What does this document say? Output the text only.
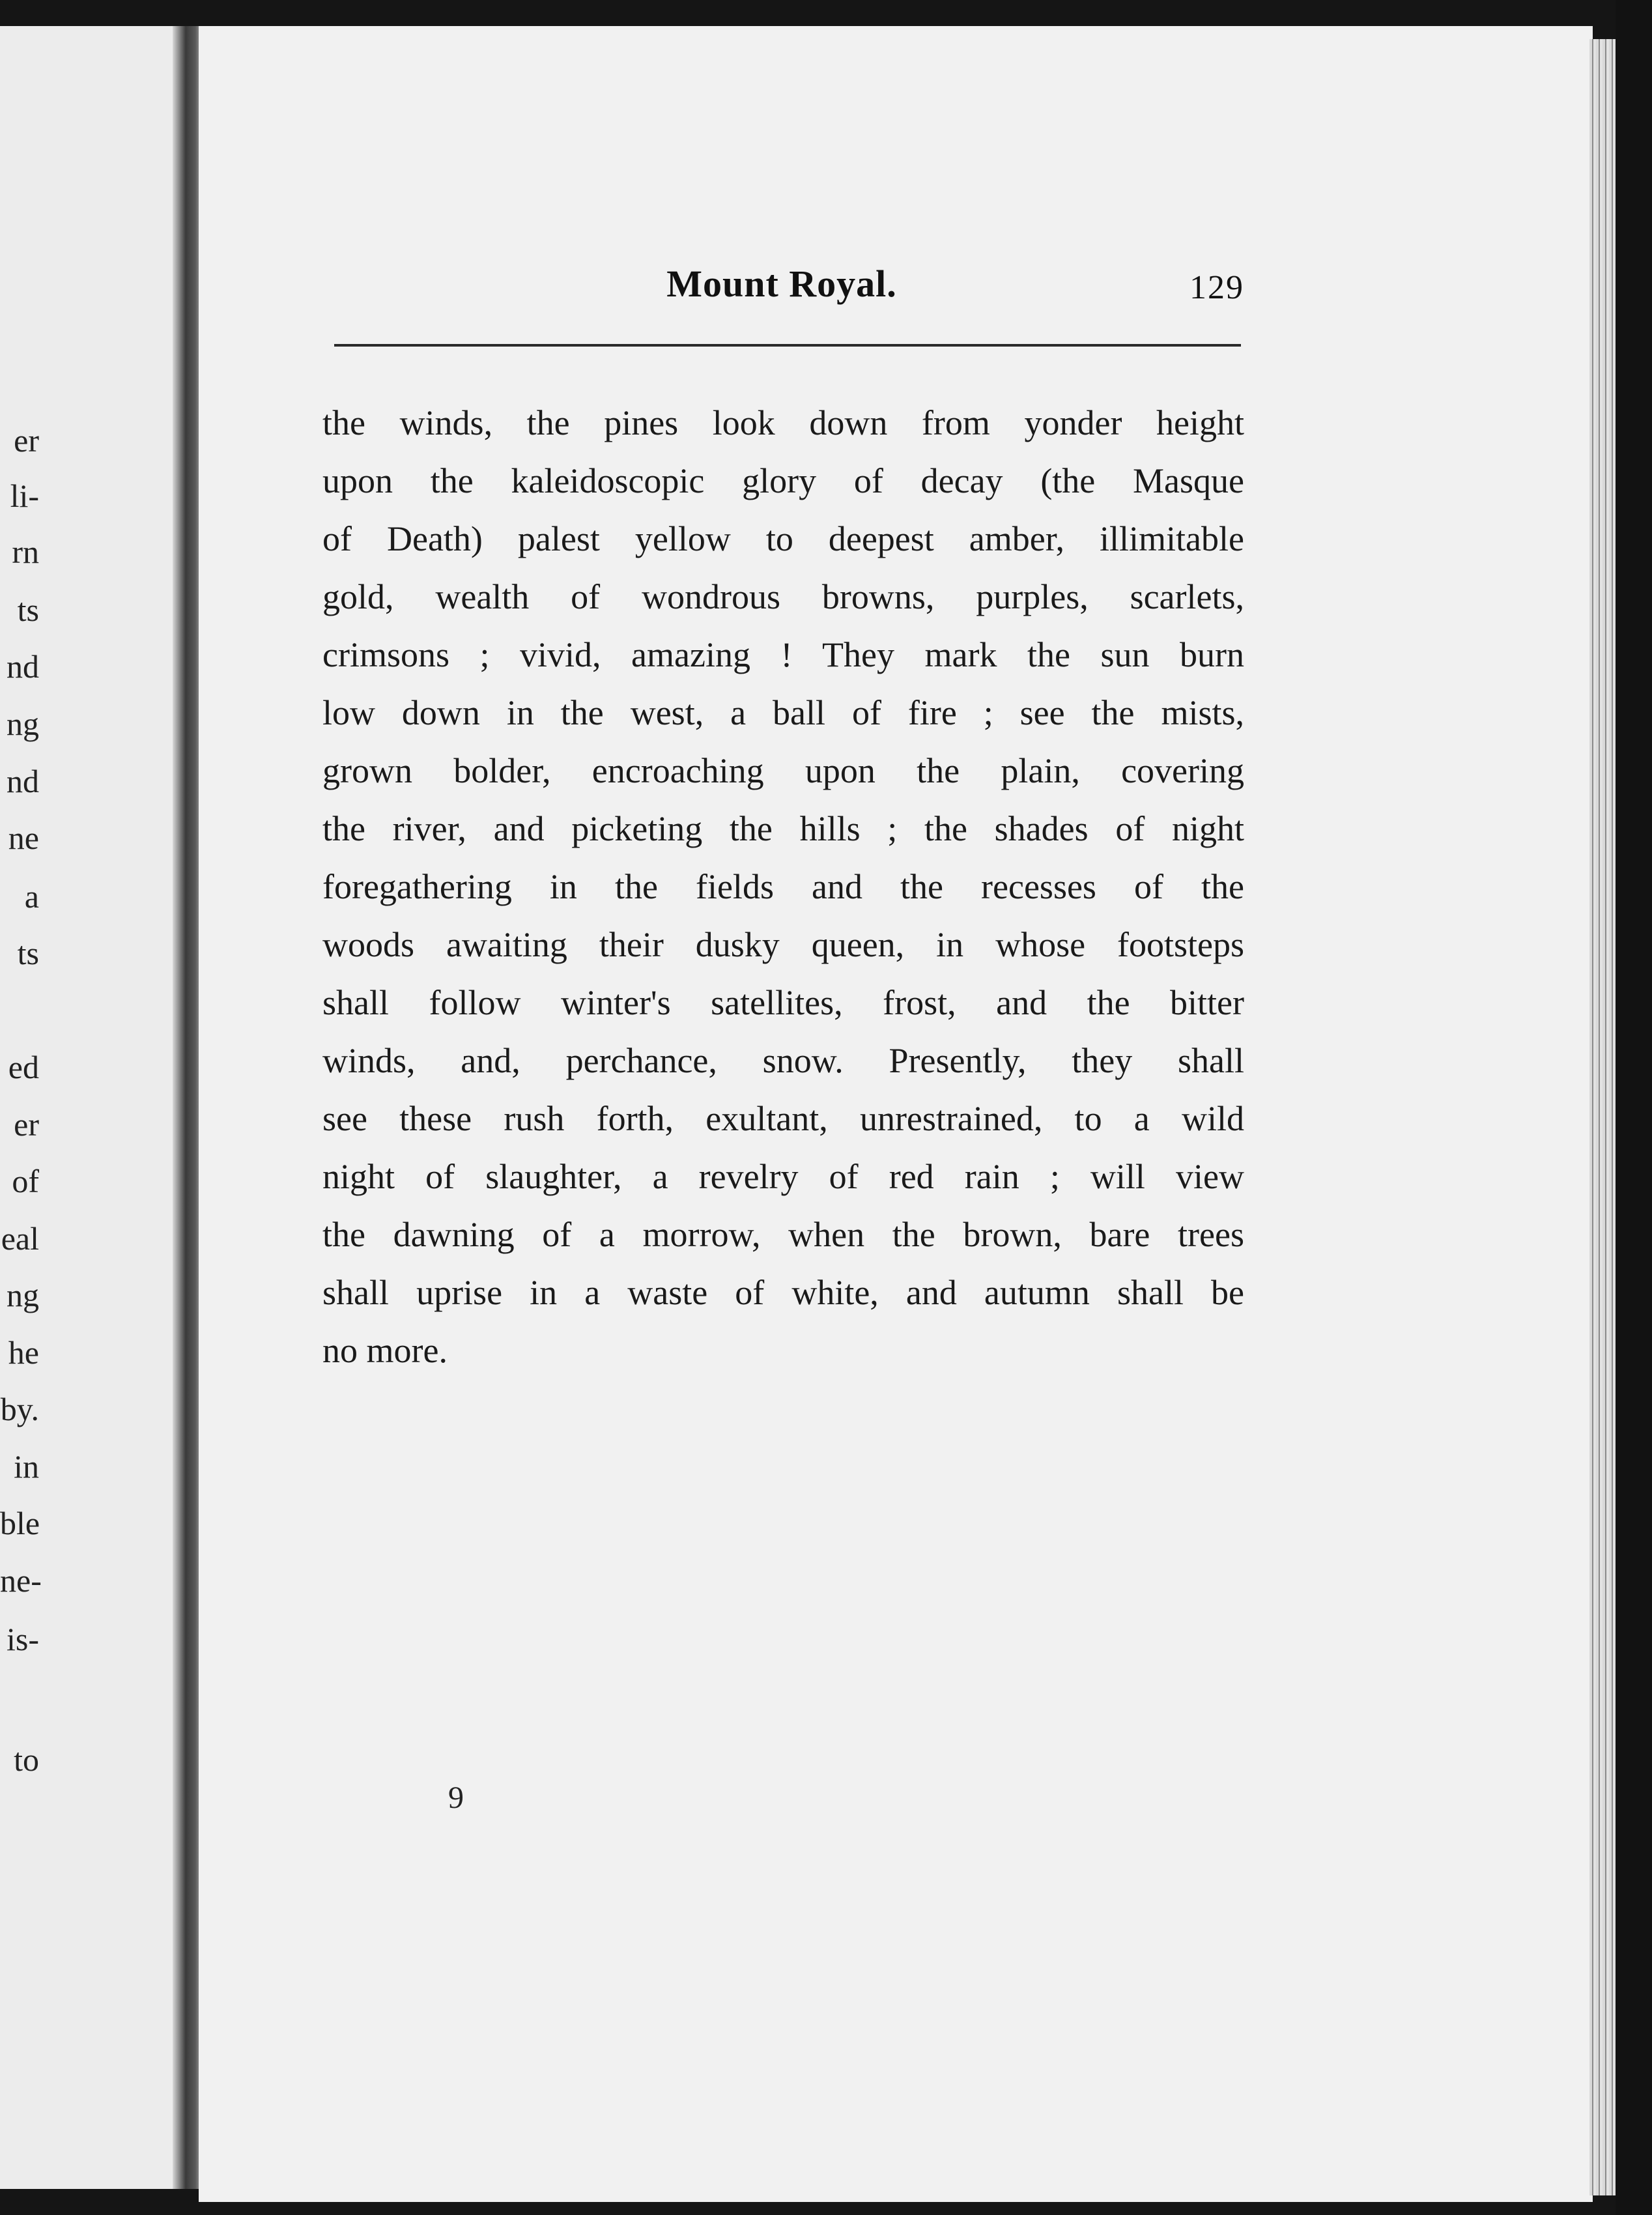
er
li-
rn
ts
nd
ng
nd
ne
a
ts
ed
er
of
eal
ng
he
by.
in
ble
ne-
is-
to
Mount Royal.	129
the winds, the pines look down from yonder height
upon the kaleidoscopic glory of decay (the Masque
of Death) palest yellow to deepest amber, illimitable
gold, wealth of wondrous browns, purples, scarlets,
crimsons ; vivid, amazing ! They mark the sun burn
low down in the west, a ball of fire ; see the mists,
grown bolder, encroaching upon the plain, covering
the river, and picketing the hills ; the shades of night
foregathering in the fields and the recesses of the
woods awaiting their dusky queen, in whose footsteps
shall follow winter's satellites, frost, and the bitter
winds, and, perchance, snow. Presently, they shall
see these rush forth, exultant, unrestrained, to a wild
night of slaughter, a revelry of red rain ; will view
the dawning of a morrow, when the brown, bare trees
shall uprise in a waste of white, and autumn shall be
no more.
9
